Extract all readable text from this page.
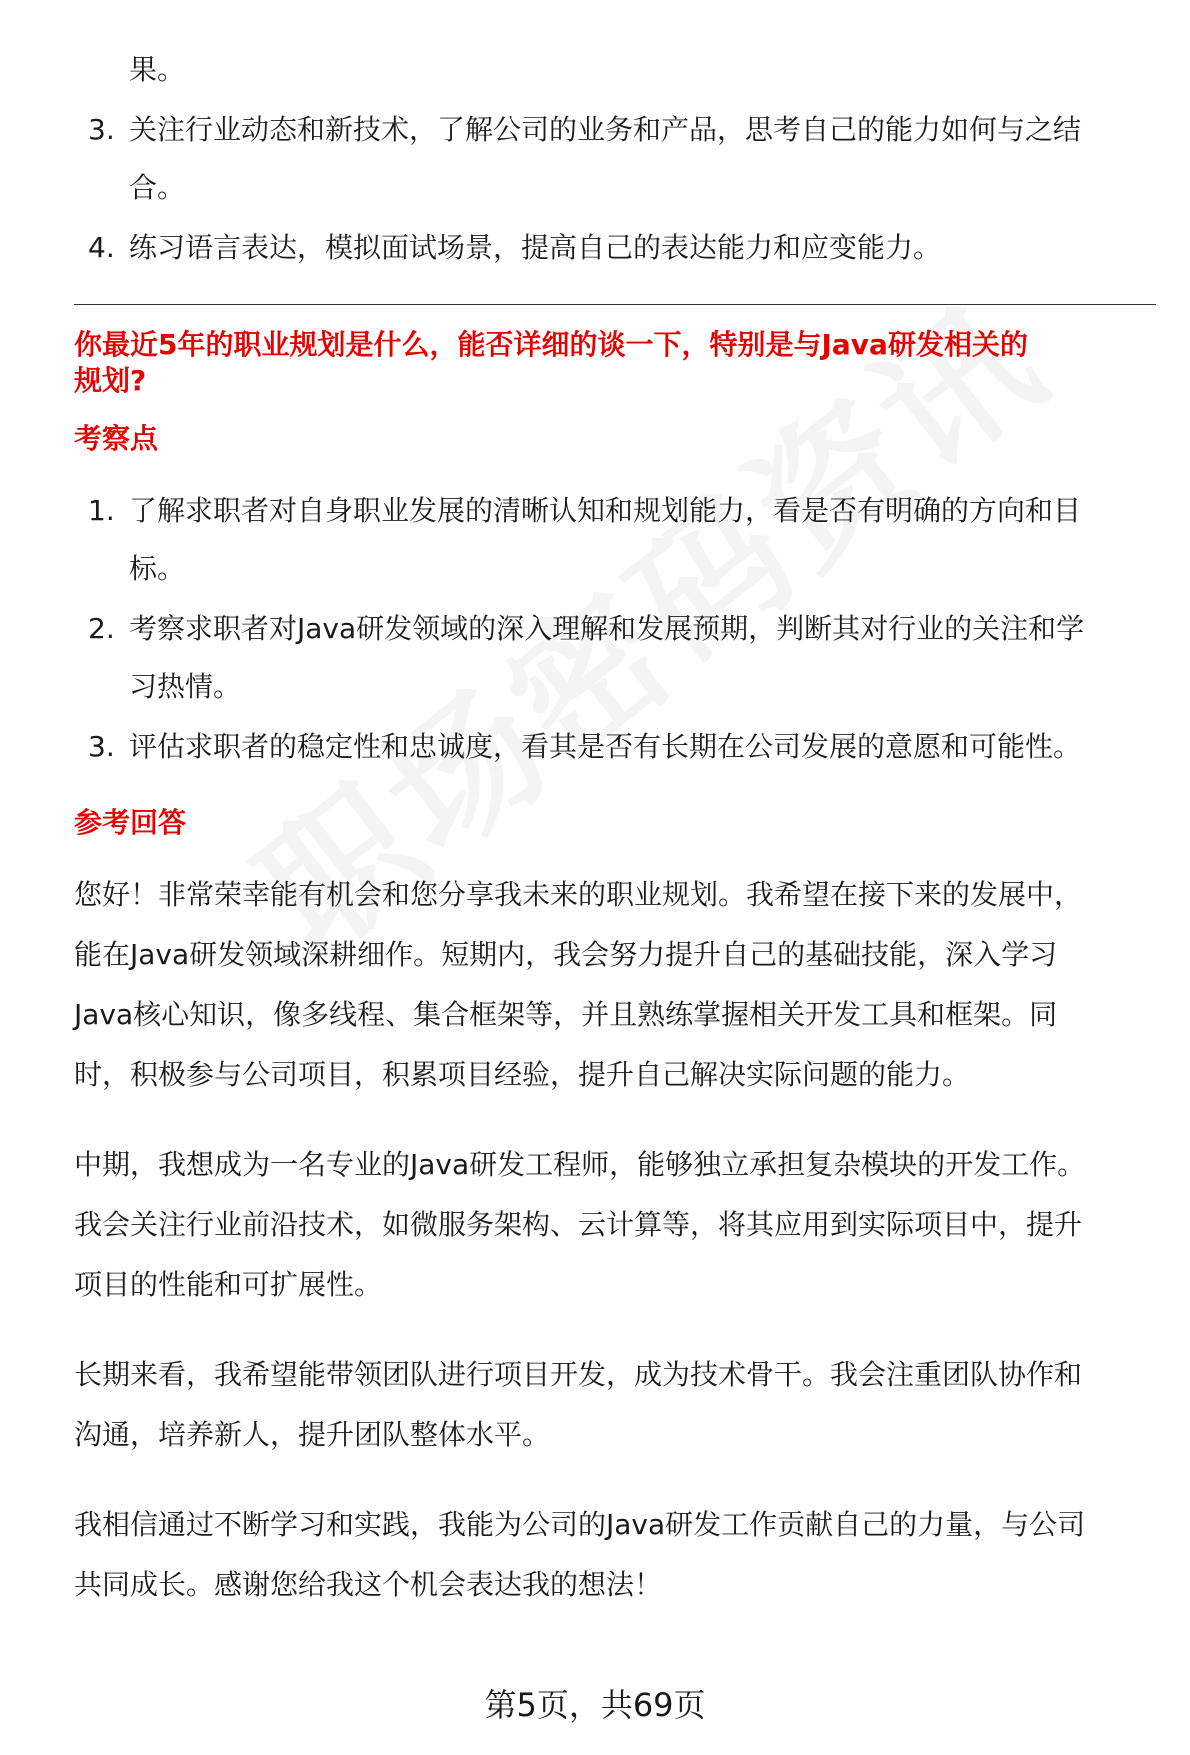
果。
3. 关注行业动态和新技术，了解公司的业务和产品，思考自己的能力如何与之结
合。
4. 练习语言表达，模拟面试场景，提高自己的表达能力和应变能力。

你最近5年的职业规划是什么，能否详细的谈一下，特别是与Java研发相关的规划?

考察点

1. 了解求职者对自身职业发展的清晰认知和规划能力，看是否有明确的方向和目
标。
2. 考察求职者对Java研发领域的深入理解和发展预期，判断其对行业的关注和学
习热情。
3. 评估求职者的稳定性和忠诚度，看其是否有长期在公司发展的意愿和可能性。

参考回答

您好！非常荣幸能有机会和您分享我未来的职业规划。我希望在接下来的发展中，
能在Java研发领域深耕细作。短期内，我会努力提升自己的基础技能，深入学习
Java核心知识，像多线程、集合框架等，并且熟练掌握相关开发工具和框架。同
时，积极参与公司项目，积累项目经验，提升自己解决实际问题的能力。
中期，我想成为一名专业的Java研发工程师，能够独立承担复杂模块的开发工作。
我会关注行业前沿技术，如微服务架构、云计算等，将其应用到实际项目中，提升
项目的性能和可扩展性。
长期来看，我希望能带领团队进行项目开发，成为技术骨干。我会注重团队协作和
沟通，培养新人，提升团队整体水平。
我相信通过不断学习和实践，我能为公司的Java研发工作贡献自己的力量，与公司
共同成长。感谢您给我这个机会表达我的想法！
第5页，共69页
